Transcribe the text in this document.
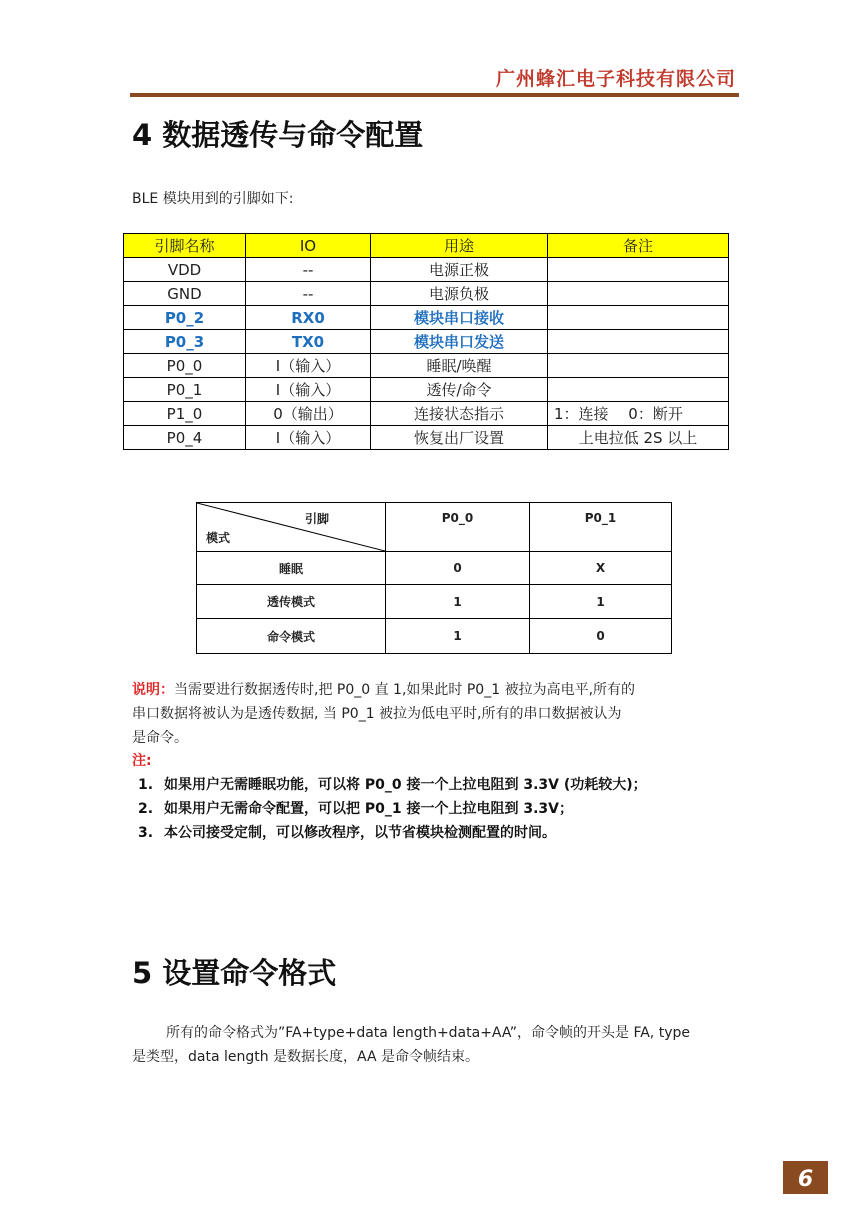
广州蜂汇电子科技有限公司
4 数据透传与命令配置
BLE 模块用到的引脚如下:
引脚名称	IO	用途	备注
VDD	--	电源正极	
GND	--	电源负极	
P0_2	RX0	模块串口接收	
P0_3	TX0	模块串口发送	
P0_0	I（输入）	睡眠/唤醒	
P0_1	I（输入）	透传/命令	
P1_0	0（输出）	连接状态指示	1：连接　 0：断开
P0_4	I（输入）	恢复出厂设置	上电拉低 2S 以上
引脚
模式	P0_0	P0_1
睡眠	0	X
透传模式	1	1
命令模式	1	0
说明：当需要进行数据透传时,把 P0_0 直 1,如果此时 P0_1 被拉为高电平,所有的
串口数据将被认为是透传数据, 当 P0_1 被拉为低电平时,所有的串口数据被认为
是命令。
注:
1. 如果用户无需睡眠功能，可以将 P0_0 接一个上拉电阻到 3.3V (功耗较大)；
2. 如果用户无需命令配置，可以把 P0_1 接一个上拉电阻到 3.3V；
3. 本公司接受定制，可以修改程序，以节省模块检测配置的时间。
5 设置命令格式
所有的命令格式为”FA+type+data length+data+AA”，命令帧的开头是 FA, type
是类型，data length 是数据长度，AA 是命令帧结束。
6
